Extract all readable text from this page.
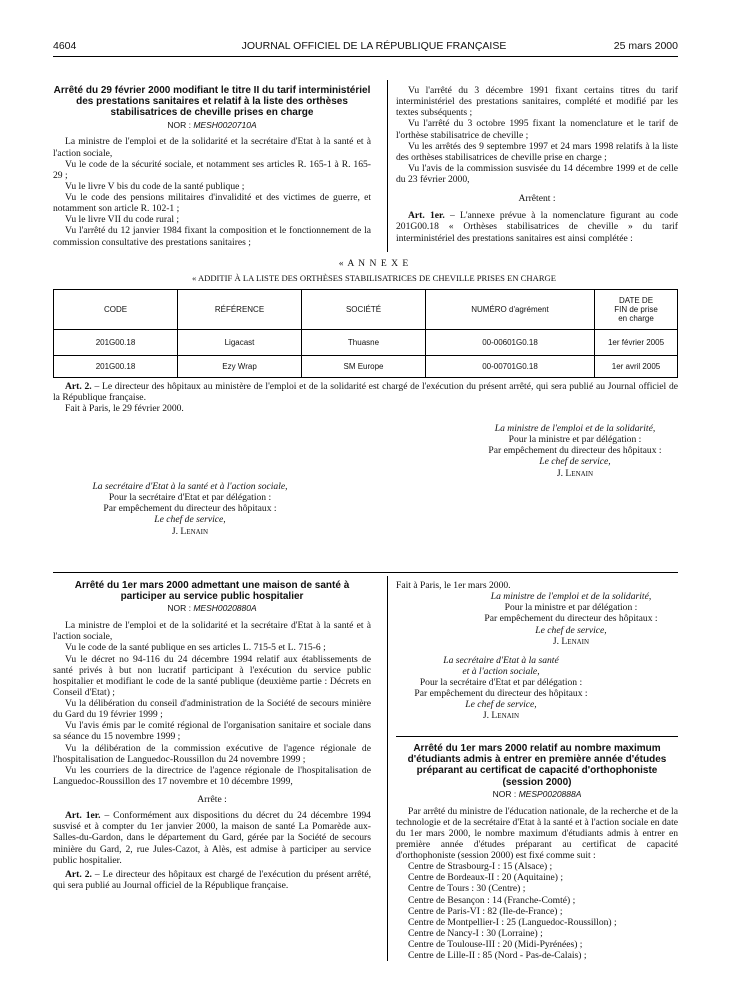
4604	JOURNAL OFFICIEL DE LA RÉPUBLIQUE FRANÇAISE	25 mars 2000
Arrêté du 29 février 2000 modifiant le titre II du tarif interministériel des prestations sanitaires et relatif à la liste des orthèses stabilisatrices de cheville prises en charge
NOR : MESH0020710A

La ministre de l'emploi et de la solidarité et la secrétaire d'Etat à la santé et à l'action sociale,

Vu le code de la sécurité sociale, et notamment ses articles R. 165-1 à R. 165-29 ;

Vu le livre V bis du code de la santé publique ;

Vu le code des pensions militaires d'invalidité et des victimes de guerre, et notamment son article R. 102-1 ;

Vu le livre VII du code rural ;

Vu l'arrêté du 12 janvier 1984 fixant la composition et le fonctionnement de la commission consultative des prestations sanitaires ;

Vu l'arrêté du 3 décembre 1991 fixant certains titres du tarif interministériel des prestations sanitaires, complété et modifié par les textes subséquents ;

Vu l'arrêté du 3 octobre 1995 fixant la nomenclature et le tarif de l'orthèse stabilisatrice de cheville ;

Vu les arrêtés des 9 septembre 1997 et 24 mars 1998 relatifs à la liste des orthèses stabilisatrices de cheville prise en charge ;

Vu l'avis de la commission susvisée du 14 décembre 1999 et de celle du 23 février 2000,

Arrêtent :

Art. 1er. – L'annexe prévue à la nomenclature figurant au code 201G00.18 « Orthèses stabilisatrices de cheville » du tarif interministériel des prestations sanitaires est ainsi complétée :

« A N N E X E
« ADDITIF À LA LISTE DES ORTHÈSES STABILISATRICES DE CHEVILLE PRISES EN CHARGE
CODE	RÉFÉRENCE	SOCIÉTÉ	NUMÉRO d'agrément	DATE DE FIN de prise en charge
201G00.18	Ligacast	Thuasne	00-00601G0.18	1er février 2005
201G00.18	Ezy Wrap	SM Europe	00-00701G0.18	1er avril 2005

Art. 2. – Le directeur des hôpitaux au ministère de l'emploi et de la solidarité est chargé de l'exécution du présent arrêté, qui sera publié au Journal officiel de la République française.

Fait à Paris, le 29 février 2000.

La ministre de l'emploi et de la solidarité,
Pour la ministre et par délégation :
Par empêchement du directeur des hôpitaux :
Le chef de service,
J. Lenain
La secrétaire d'Etat à la santé et à l'action sociale,
Pour la secrétaire d'Etat et par délégation :
Par empêchement du directeur des hôpitaux :
Le chef de service,
J. Lenain
Arrêté du 1er mars 2000 admettant une maison de santé à participer au service public hospitalier
NOR : MESH0020880A

La ministre de l'emploi et de la solidarité et la secrétaire d'Etat à la santé et à l'action sociale,

Vu le code de la santé publique en ses articles L. 715-5 et L. 715-6 ;

Vu le décret no 94-116 du 24 décembre 1994 relatif aux établissements de santé privés à but non lucratif participant à l'exécution du service public hospitalier et modifiant le code de la santé publique (deuxième partie : Décrets en Conseil d'Etat) ;

Vu la délibération du conseil d'administration de la Société de secours minière du Gard du 19 février 1999 ;

Vu l'avis émis par le comité régional de l'organisation sanitaire et sociale dans sa séance du 15 novembre 1999 ;

Vu la délibération de la commission exécutive de l'agence régionale de l'hospitalisation de Languedoc-Roussillon du 24 novembre 1999 ;

Vu les courriers de la directrice de l'agence régionale de l'hospitalisation de Languedoc-Roussillon des 17 novembre et 10 décembre 1999,

Arrête :

Art. 1er. – Conformément aux dispositions du décret du 24 décembre 1994 susvisé et à compter du 1er janvier 2000, la maison de santé La Pomarède aux-Salles-du-Gardon, dans le département du Gard, gérée par la Société de secours minière du Gard, 2, rue Jules-Cazot, à Alès, est admise à participer au service public hospitalier.

Art. 2. – Le directeur des hôpitaux est chargé de l'exécution du présent arrêté, qui sera publié au Journal officiel de la République française.

Fait à Paris, le 1er mars 2000.
La ministre de l'emploi et de la solidarité,
Pour la ministre et par délégation :
Par empêchement du directeur des hôpitaux :
Le chef de service,
J. Lenain
La secrétaire d'Etat à la santé
et à l'action sociale,
Pour la secrétaire d'Etat et par délégation :
Par empêchement du directeur des hôpitaux :
Le chef de service,
J. Lenain
Arrêté du 1er mars 2000 relatif au nombre maximum d'étudiants admis à entrer en première année d'études préparant au certificat de capacité d'orthophoniste (session 2000)
NOR : MESP0020888A

Par arrêté du ministre de l'éducation nationale, de la recherche et de la technologie et de la secrétaire d'Etat à la santé et à l'action sociale en date du 1er mars 2000, le nombre maximum d'étudiants admis à entrer en première année d'études préparant au certificat de capacité d'orthophoniste (session 2000) est fixé comme suit :

Centre de Strasbourg-I : 15 (Alsace) ;
Centre de Bordeaux-II : 20 (Aquitaine) ;
Centre de Tours : 30 (Centre) ;
Centre de Besançon : 14 (Franche-Comté) ;
Centre de Paris-VI : 82 (Ile-de-France) ;
Centre de Montpellier-I : 25 (Languedoc-Roussillon) ;
Centre de Nancy-I : 30 (Lorraine) ;
Centre de Toulouse-III : 20 (Midi-Pyrénées) ;
Centre de Lille-II : 85 (Nord - Pas-de-Calais) ;
